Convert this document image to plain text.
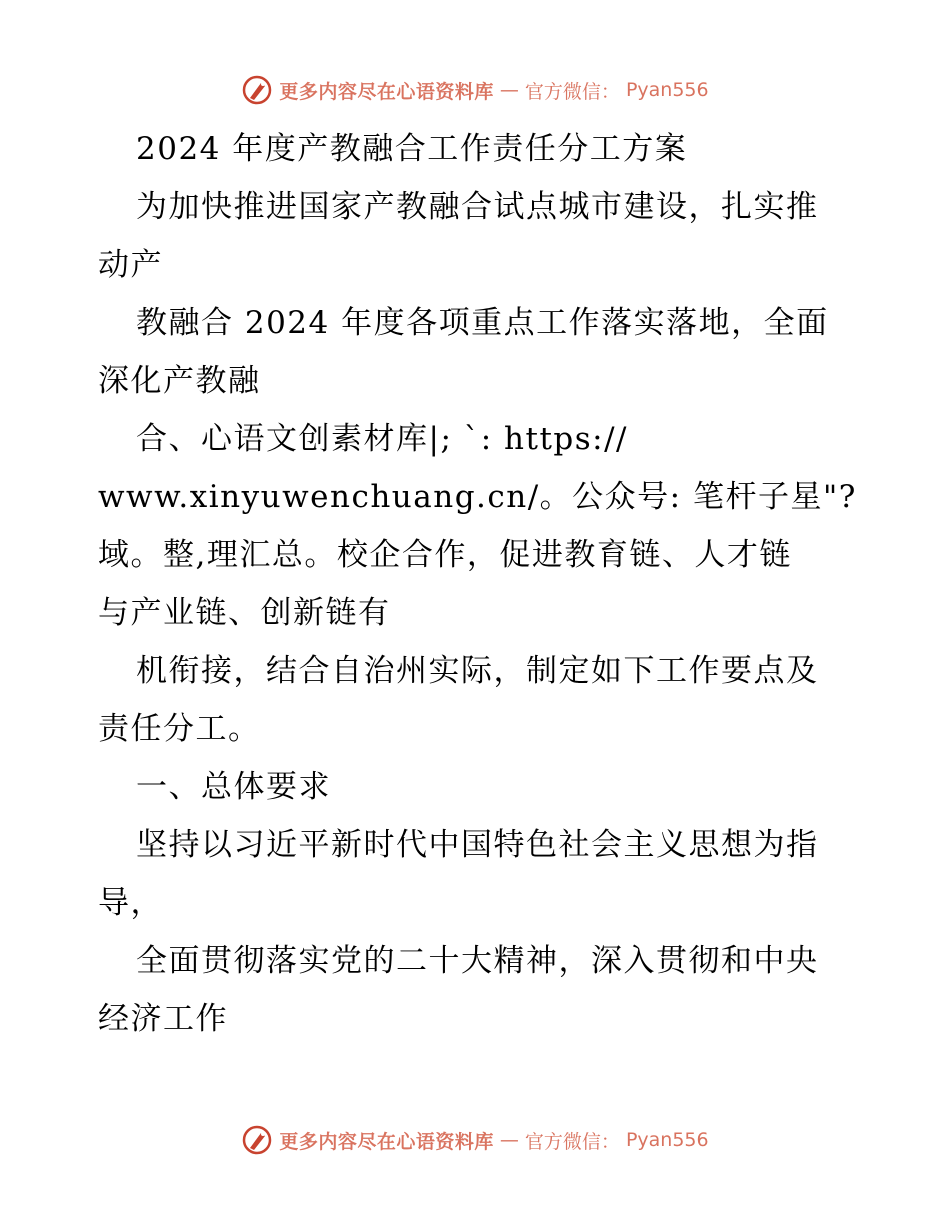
更多内容尽在心语资料库 — 官方微信： Pyan556
2024 年度产教融合工作责任分工方案
为加快推进国家产教融合试点城市建设，扎实推
动产
教融合 2024 年度各项重点工作落实落地，全面
深化产教融
合、心语文创素材库|; `: https://
www.xinyuwenchuang.cn/。公众号: 笔杆子星"?
域。整,理汇总。校企合作，促进教育链、人才链
与产业链、创新链有
机衔接，结合自治州实际，制定如下工作要点及
责任分工。
一、总体要求
坚持以习近平新时代中国特色社会主义思想为指
导，
全面贯彻落实党的二十大精神，深入贯彻和中央
经济工作
更多内容尽在心语资料库 — 官方微信： Pyan556
